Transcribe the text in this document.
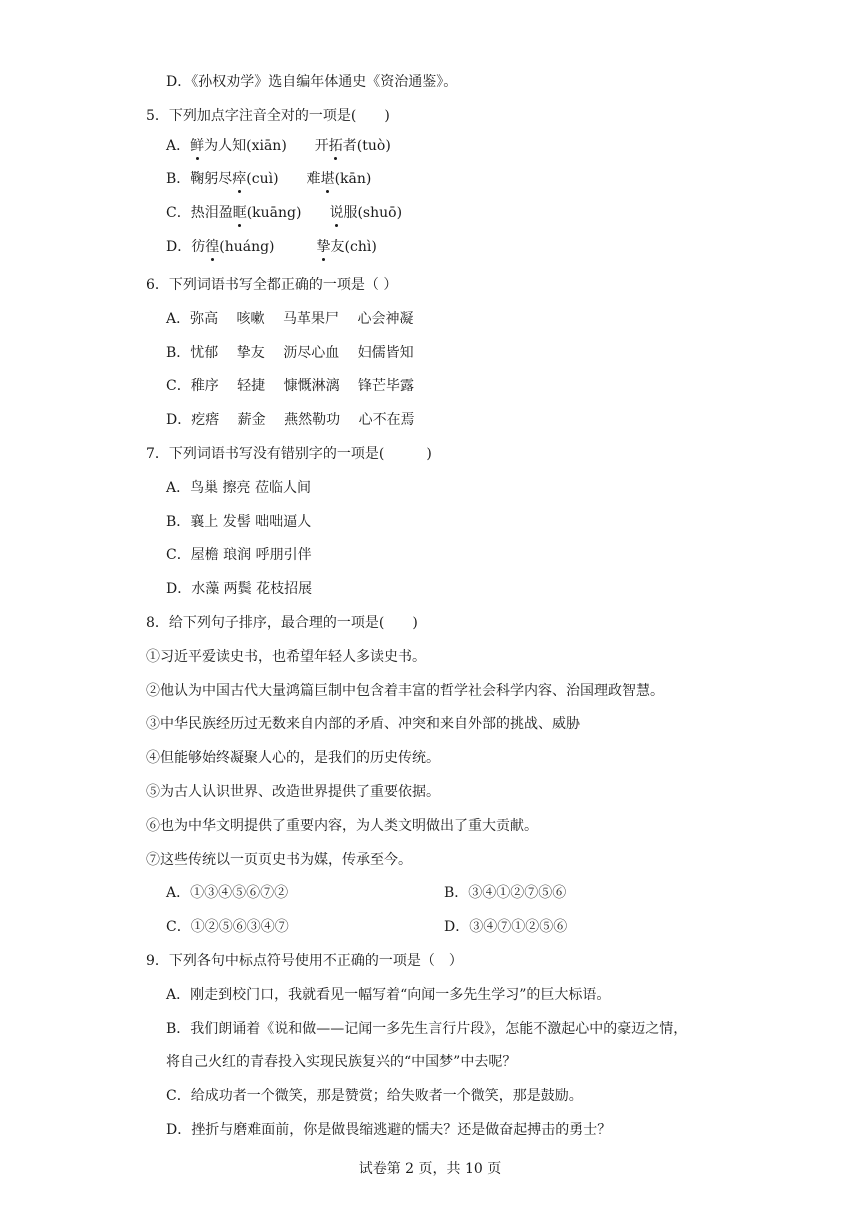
D．《孙权劝学》选自编年体通史《资治通鉴》。
5．下列加点字注音全对的一项是(　　)
A．鲜为人知(xiān)　　开拓者(tuò)
B．鞠躬尽瘁(cuì)　　难堪(kān)
C．热泪盈眶(kuāng)　　说服(shuō)
D．彷徨(huáng)　　　挚友(chì)
6．下列词语书写全都正确的一项是（ ）
A．弥高　 咳嗽　 马革果尸　 心会神凝
B．忧郁　 挚友　 沥尽心血　 妇儒皆知
C．稚序　 轻捷　 慷慨淋漓　 锋芒毕露
D．疙瘩　 薪金　 燕然勒功　 心不在焉
7．下列词语书写没有错别字的一项是(　　　)
A．鸟巢 擦亮 莅临人间
B．襄上 发髻 咄咄逼人
C．屋檐 琅润 呼朋引伴
D．水藻 两鬓 花枝招展
8．给下列句子排序，最合理的一项是(　　)
①习近平爱读史书，也希望年轻人多读史书。
②他认为中国古代大量鸿篇巨制中包含着丰富的哲学社会科学内容、治国理政智慧。
③中华民族经历过无数来自内部的矛盾、冲突和来自外部的挑战、威胁
④但能够始终凝聚人心的，是我们的历史传统。
⑤为古人认识世界、改造世界提供了重要依据。
⑥也为中华文明提供了重要内容，为人类文明做出了重大贡献。
⑦这些传统以一页页史书为媒，传承至今。
A．①③④⑤⑥⑦②	B．③④①②⑦⑤⑥
C．①②⑤⑥③④⑦	D．③④⑦①②⑤⑥
9．下列各句中标点符号使用不正确的一项是（　）
A．刚走到校门口，我就看见一幅写着“向闻一多先生学习”的巨大标语。
B．我们朗诵着《说和做——记闻一多先生言行片段》，怎能不激起心中的豪迈之情，
将自己火红的青春投入实现民族复兴的“中国梦”中去呢？
C．给成功者一个微笑，那是赞赏；给失败者一个微笑，那是鼓励。
D．挫折与磨难面前，你是做畏缩逃避的懦夫？还是做奋起搏击的勇士？
试卷第 2 页，共 10 页
